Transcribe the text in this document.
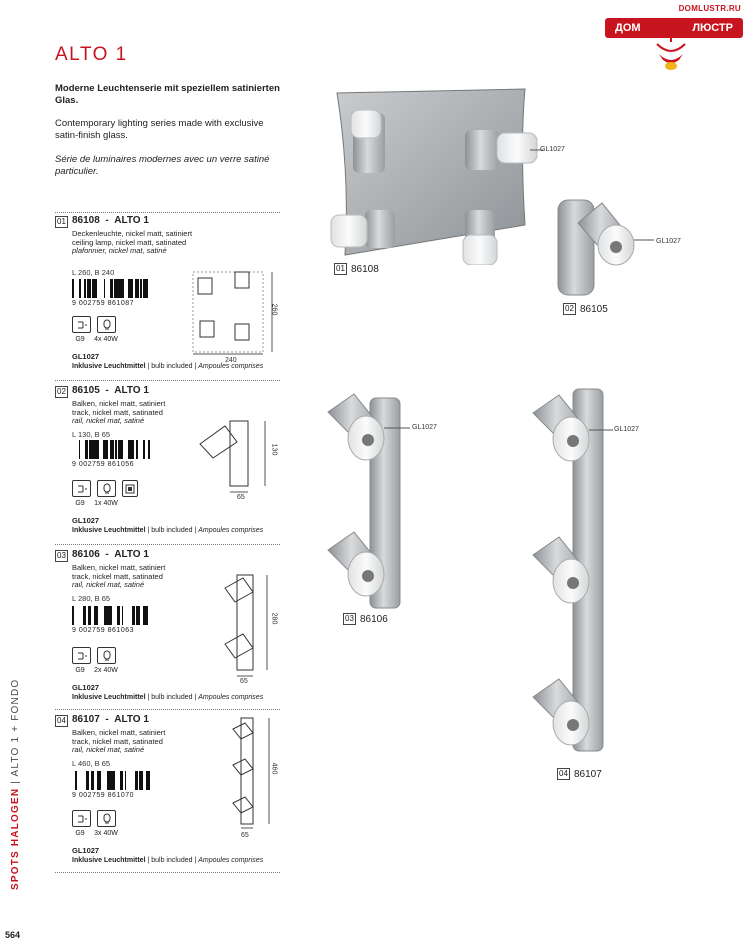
DOMLUSTR.RU
ДОМ	ЛЮСТР
ALTO 1
Moderne Leuchtenserie mit speziellem satinierten Glas.
Contemporary lighting series made with exclusive satin-finish glass.
Série de luminaires modernes avec un verre satiné particulier.
01 86108  -  ALTO 1
Deckenleuchte, nickel matt, satiniert
ceiling lamp, nickel matt, satinated
plafonnier, nickel mat, satiné
L 260, B 240
9 002759 861087
G9	4x 40W
GL1027
Inklusive Leuchtmittel | bulb included | Ampoules comprises
240
260
02 86105  -  ALTO 1
Balken, nickel matt, satiniert
track, nickel matt, satinated
rail, nickel mat, satiné
L 130, B 65
9 002759 861056
G9	1x 40W
GL1027
Inklusive Leuchtmittel | bulb included | Ampoules comprises
65
130
03 86106  -  ALTO 1
Balken, nickel matt, satiniert
track, nickel matt, satinated
rail, nickel mat, satiné
L 280, B 65
9 002759 861063
G9	2x 40W
GL1027
Inklusive Leuchtmittel | bulb included | Ampoules comprises
65
280
04 86107  -  ALTO 1
Balken, nickel matt, satiniert
track, nickel matt, satinated
rail, nickel mat, satiné
L 460, B 65
9 002759 861070
G9	3x 40W
GL1027
Inklusive Leuchtmittel | bulb included | Ampoules comprises
65
460
GL1027
01 86108
GL1027
02 86105
GL1027
03 86106
GL1027
04 86107
SPOTS HALOGEN | ALTO 1 + FONDO
564
